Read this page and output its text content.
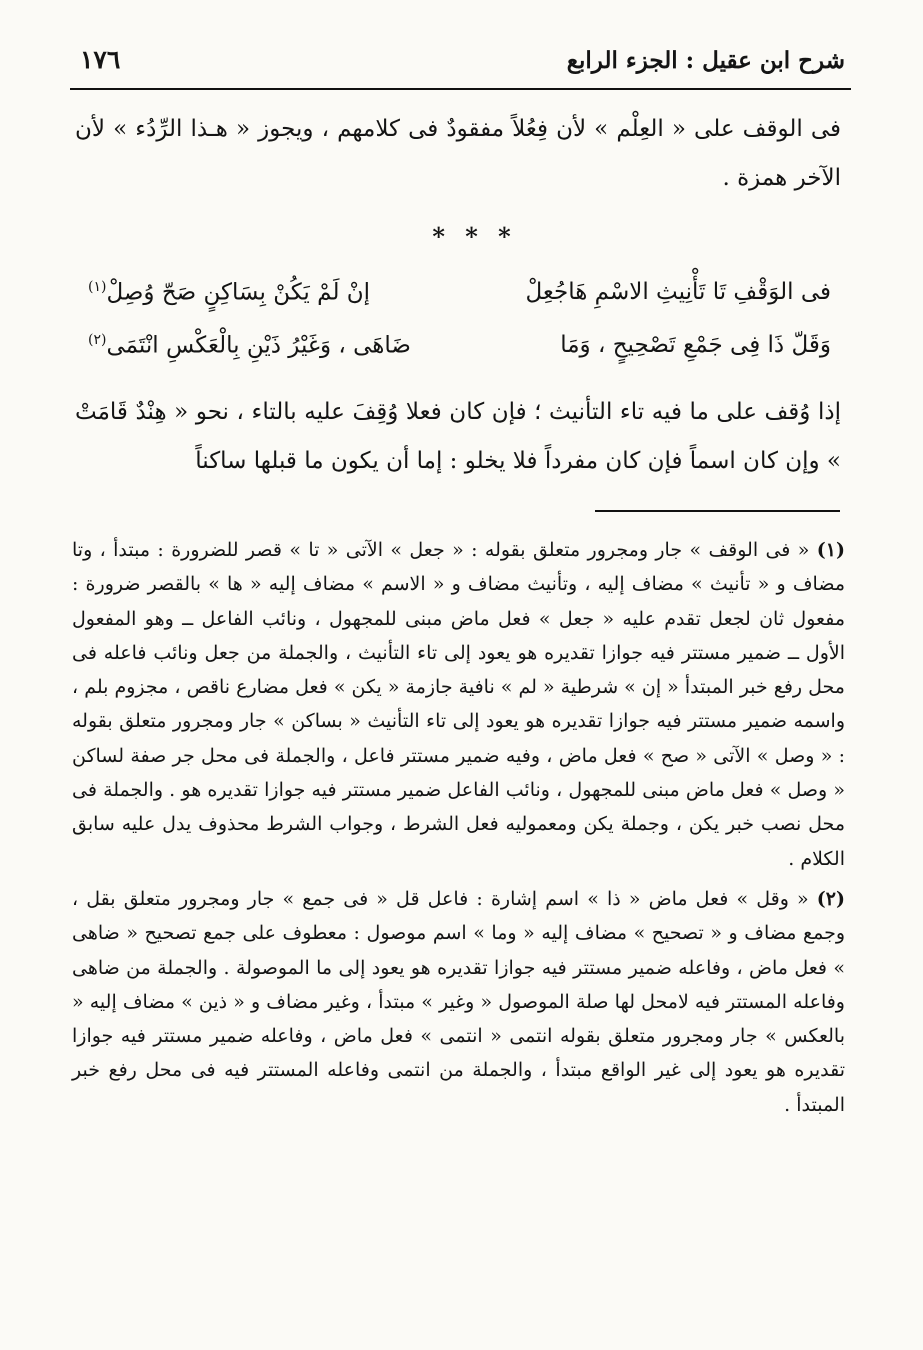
شرح ابن عقيل : الجزء الرابع
١٧٦

فى الوقف على « العِلْم » لأن فِعُلاً مفقودٌ فى كلامهم ، ويجوز « هـذا الرِّدُء » لأن الآخر همزة .

* * *
فى الوَقْفِ تَا تَأْنِيثِ الاسْمِ هَاجُعِلْ
إنْ لَمْ يَكُنْ بِسَاكِنٍ صَحّ وُصِلْ$^{(١)}$
وَقَلّ ذَا فِى جَمْعِ تَصْحِيحٍ ، وَمَا
ضَاهَى ، وَغَيْرُ ذَيْنِ بِالْعَكْسِ انْتَمَى$^{(٢)}$

إذا وُقف على ما فيه تاء التأنيث ؛ فإن كان فعلا وُقِفَ عليه بالتاء ، نحو « هِنْدٌ قَامَتْ » وإن كان اسماً فإن كان مفرداً فلا يخلو : إما أن يكون ما قبلها ساكناً

(١) « فى الوقف » جار ومجرور متعلق بقوله : « جعل » الآتى « تا » قصر للضرورة : مبتدأ ، وتا مضاف و « تأنيث » مضاف إليه ، وتأنيث مضاف و « الاسم » مضاف إليه « ها » بالقصر ضرورة : مفعول ثان لجعل تقدم عليه « جعل » فعل ماض مبنى للمجهول ، ونائب الفاعل ــ وهو المفعول الأول ــ ضمير مستتر فيه جوازا تقديره هو يعود إلى تاء التأنيث ، والجملة من جعل ونائب فاعله فى محل رفع خبر المبتدأ « إن » شرطية « لم » نافية جازمة « يكن » فعل مضارع ناقص ، مجزوم بلم ، واسمه ضمير مستتر فيه جوازا تقديره هو يعود إلى تاء التأنيث « بساكن » جار ومجرور متعلق بقوله : « وصل » الآتى « صح » فعل ماض ، وفيه ضمير مستتر فاعل ، والجملة فى محل جر صفة لساكن « وصل » فعل ماض مبنى للمجهول ، ونائب الفاعل ضمير مستتر فيه جوازا تقديره هو . والجملة فى محل نصب خبر يكن ، وجملة يكن ومعموليه فعل الشرط ، وجواب الشرط محذوف يدل عليه سابق الكلام .

(٢) « وقل » فعل ماض « ذا » اسم إشارة : فاعل قل « فى جمع » جار ومجرور متعلق بقل ، وجمع مضاف و « تصحيح » مضاف إليه « وما » اسم موصول : معطوف على جمع تصحيح « ضاهى » فعل ماض ، وفاعله ضمير مستتر فيه جوازا تقديره هو يعود إلى ما الموصولة . والجملة من ضاهى وفاعله المستتر فيه لامحل لها صلة الموصول « وغير » مبتدأ ، وغير مضاف و « ذين » مضاف إليه « بالعكس » جار ومجرور متعلق بقوله انتمى « انتمى » فعل ماض ، وفاعله ضمير مستتر فيه جوازا تقديره هو يعود إلى غير الواقع مبتدأ ، والجملة من انتمى وفاعله المستتر فيه فى محل رفع خبر المبتدأ .
